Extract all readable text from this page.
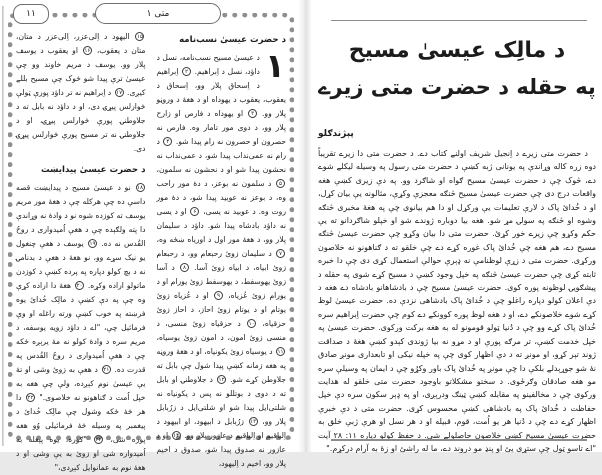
۱۱	متی ۱
د حضرت عيسىٰ نسب‌نامه
۱
د عيسىٰ مسيح نسب‌نامه، نسل د داؤد، نسل د اِبراهيم. ۲ اِبراهيم د اِسحاق پلار وو، اِسحاق د يعقوب، يعقوب د يهوداه او د هغهٔ د وروڼو پلار وو. ۳ او يهوداه د فارص او زارح پلار وو، د دوى مور تامار وه. فارص نه حصرون او حصرون نه رام پيدا شو. ۴ د رام نه عمى‌نداب پيدا شو، د عمى‌نداب نه نحشون پيدا شو او د نحشون نه سلمون، ۵ د سلمون نه بوعز، د دهٔ مور راحب وه، د بوعز نه عوبيد پيدا شو، د دهٔ مور روت وه. د عوبيد نه يسى، ۶ او د يسى نه داؤد بادشاه پيدا شو. داؤد د سليمان پلار وو، د هغهٔ مور اول د اورياه ښځه وه، ۷ د سليمان زوئ رحبعام وو، د رحبعام زوئ ابياه، د ابياه زوئ آسا. ۸ د آسا زوئ يهوسفط، د يهوسفط زوئ يورام او د يورام زوئ عُزياه، ۹ او د عُزياه زوئ يوتام او د يوتام زوئ احاز، د احاز زوئ حزقياه، ۱۰ د حزقياه زوئ منسى، د منسى زوئ امون، د امون زوئ يوسياه، ۱۱ د يوسياه زوئ يكونياه، او د هغهٔ وروڼه په هغه زمانه كښې پيدا شول چې بابل ته جلاوطن كړے شو. ۱۲ د جلاوطنۍ او بابل ته د دوى د بوتللو نه پس د يكونياه نه شلتى‌ايل پيدا شو او شلتى‌ايل د زرُبابل پلار وو، ۱۳ زرُبابل د ابيهود، او ابيهود د اِلياقيم او اِلياقيم د عازور پلار وو. ۱۴ او د عازور نه صدوق پيدا شو، صدوق د اخيم پلار وو، اخيم د اِليهود،
۱۵ اليهود د اِلى‌عزر، اِلى‌عزر د متان، متان د يعقوب، ۱۶ او يعقوب د يوسف پلار وو. يوسف د مريم خاوند وو چې عيسىٰ ترې پيدا شو څوک چې مسيح بللے كيږى. ۱۷ د اِبراهيم نه تر داؤد پورې ټولې څوارلس پيړۍ دى، او د داؤد نه بابل ته د جلاوطنۍ پورې څوارلس پيړۍ، او د جلاوطنۍ نه تر مسيح پورې څوارلس پيړۍ دى.
د حضرت عيسىٰ پيدايښت
۱۸ نو د عيسىٰ مسيح د پيدايښت قصه داسې ده چې هركله چې د هغهٔ مور مريم يوسف ته كوزده شوه نو د وادهٔ نه وړاندې دا پته ولګېده چې د هغې اُميدوارى د روحُ القُدس نه ده. ۱۹ يوسف د هغې چنغول يو نيک سړے وو، نو هغهٔ د هغې د بدنامۍ نه د بچ كولو دپاره په پرده كښې د كوزدن ماتولو اراده وكړه. ۲۰ هغهٔ دا اراده كړې وه چې په دې كښې د مالِک خُدائ يوه فرښته په خوب كښې ورته راغله او وې فرمائيل چې، "اے د داؤد زويه يوسفه، د مريم سره د وادهٔ كولو نه مهٔ يرېږه ځكه چې د هغې اُميدوارى د روحُ القُدس په قدرت ده. ۲۱ د هغې به زوئ وشى او تهٔ يې عيسىٰ نوم كېږده، ولې چې هغه به خپل اُمت د ګناهونو نه خلاصوى." ۲۲ دا هر څهٔ ځكه وشول چې مالِک خُدائ د پيغمبر په وسيله څهٔ فرمائيلى وُو هغه پوره شى، ۲۳ "ګوره، يوه پېغله به اُميدواره شى او زوئ به يې وشى او د هغهٔ نوم به عمانوايل كېږدى،"
د مالِک عيسىٰ مسيح
په حقله د حضرت متى زيرے
پېژندګلو
د حضرت متى زيرے د اِنجيل شريف اولنے كتاب دے. د حضرت متى دا زيرے تقريباً دوه زره كاله وړاندې په يونانى ژبه كښې د حضرت متى رسول په وسيله ليكلے شوے دے، څوک چې د حضرت عيسىٰ مسيح ګواه او شاګرد وو. په دې زيرى كښې هغه واقعات درج دى چې حضرت عيسىٰ مسيح څنګه معجزې وكړې، مثالونه يې بيان كړل، او د خُدائ پاک د لارې تعليمات يې وركړل او دا هم بيانوى چې په هغهٔ مخبرى څنګه وشوه او څنګه په سولۍ مړ شو. هغه بيا دوباره ژوندے شو او خپلو شاګردانو ته يې حكم وكړو چې زيرے خور كړئ. حضرت متى دا بيان وكړو چې حضرت عيسىٰ څنګه مسيح دے، هم هغه چې خُدائ پاک غوره كړے دے چې خلقو ته د ګناهونو نه خلاصون وركړى. حضرت متى د زړې لوظنامې نه ډېرې حوالې استعمال كړى دى چې دا خبره ثابته كړى چې حضرت عيسىٰ څنګه په خپل وجود كښې د مسيح كړے شوى په حقله د پيشګويۍ لوظونه پوره كوى. حضرت عيسىٰ مسيح چې د بادشاهانو بادشاه دے هغه د دې اعلان كولو دپاره راغلو چې د خُدائ پاک بادشاهى نزدې ده. حضرت عيسىٰ لوظ كړے شوے خلاصونكے دے، او د هغه لوظ پوره كوونكے دے كوم چې حضرت اِبراهيم سره خُدائ پاک كړے وو چې د دُنيا ټولو قومونو له به هغه بركت وركوى. حضرت عيسىٰ په خپل خدمت كښې، تر مرګه پورې او د مړو نه بيا ژوندى كېدو كښې هغهٔ د صداقت ژوند تېر كړو، او مونږ ته د دې اظهار كوى چې په خپله نيكى او تابعدارى مونږ صادق نهٔ شو جوړېدلے بلكې دا چې مونږ په خُدائ پاک باور وكړُو چې د ايمان په وسيلې سره مو هغه صادقان وګرځوى. د سختو مشكلاتو باوجود حضرت متى خلقو له هدايت وركوى چې د مخالفينو په مقابله كښې ټينګ ودرېږى، او په ډېر سكون سره دې خپل حفاظت د خُدائ پاک په بادشاهى كښې محسوس كړى. حضرت متى د دې خبرې اظهار كړے دے چې د دُنيا هر يو اُمت، قوم، قبيله او د هر نسل او هرې ژبې خلق به حضرت عيسىٰ مسيح كښې خلاصون حاصلولے شى. د حفظ كولو دپاره ۱۱: ۲۸ آيت "اے تاسو ټول چې ستړى يئ او پنډ مو دروند دے، ما له راشئ او زهٔ به آرام دركړم."
